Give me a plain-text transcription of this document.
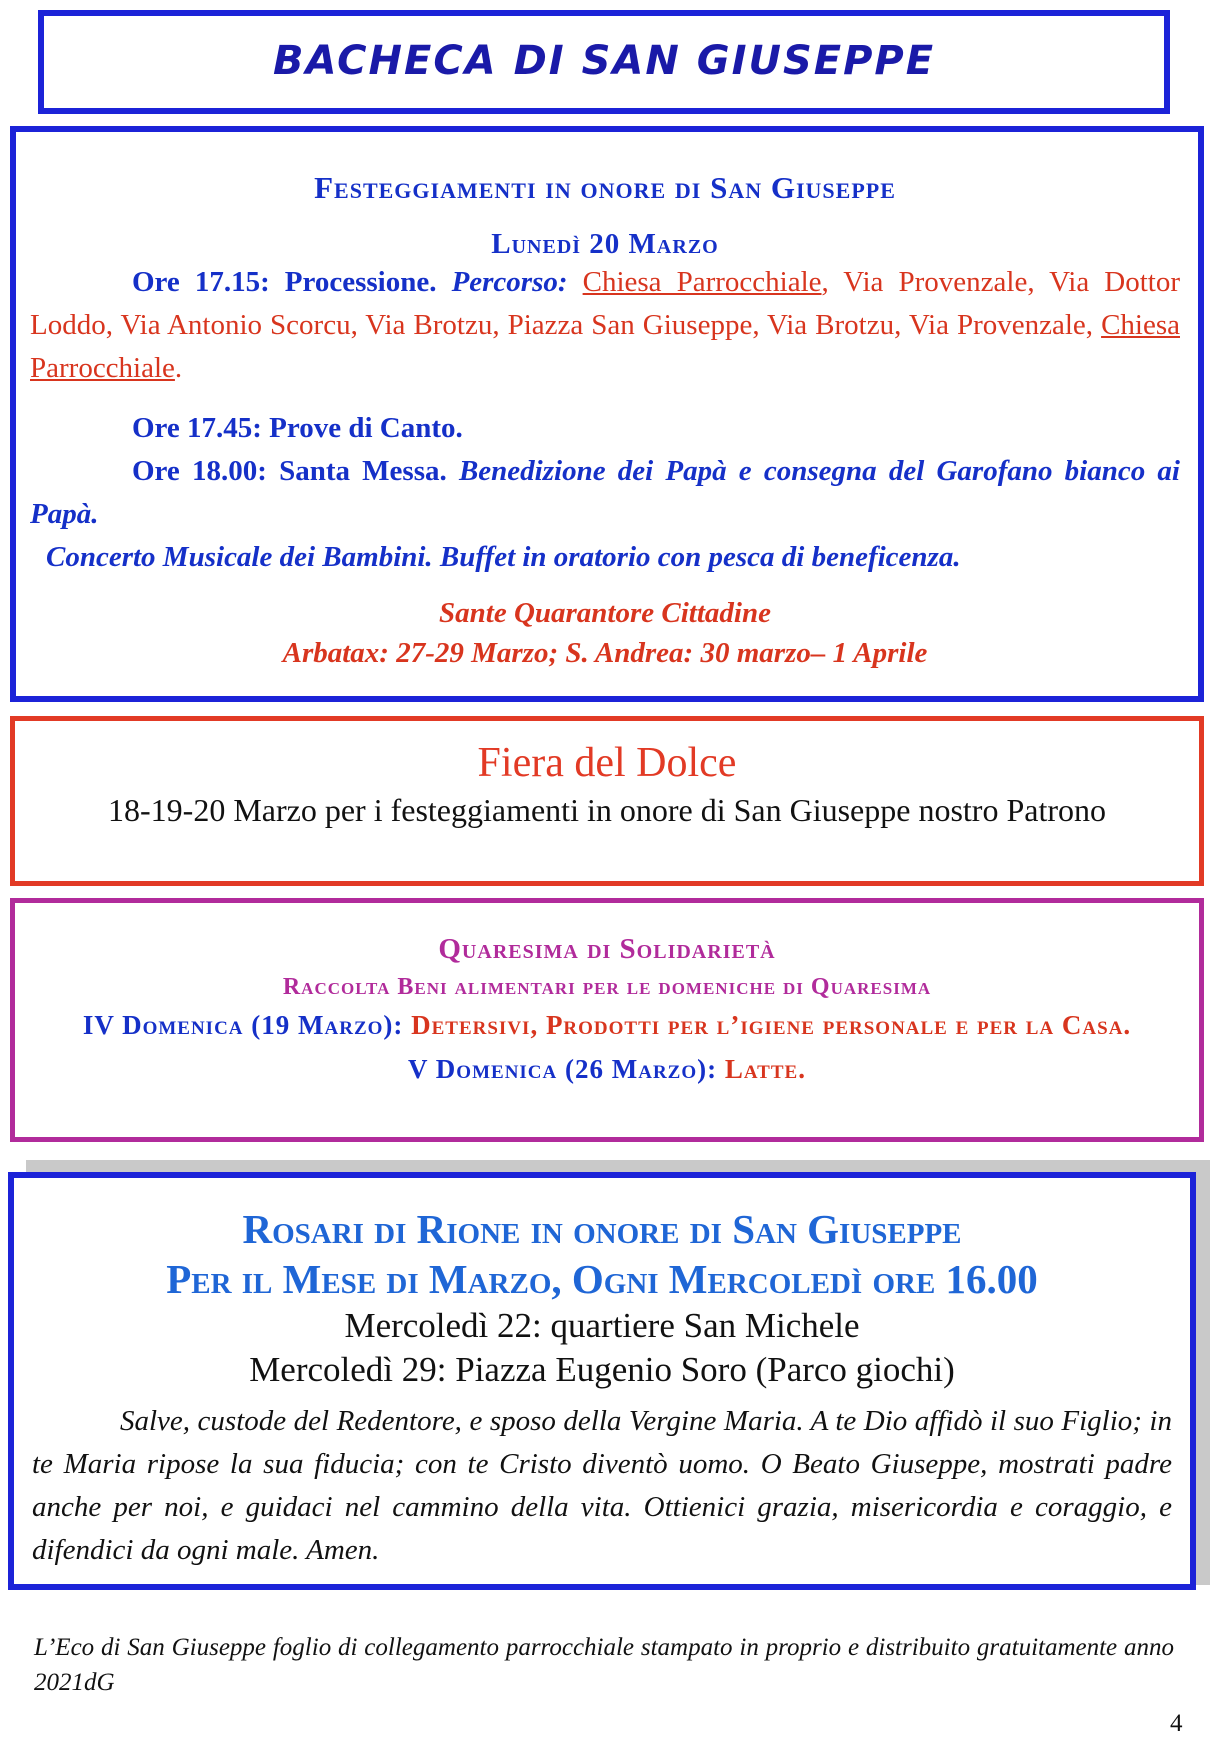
BACHECA DI SAN GIUSEPPE
Festeggiamenti in onore di San Giuseppe
Lunedì 20 Marzo
Ore 17.15: Processione. Percorso: Chiesa Parrocchiale, Via Provenzale, Via Dottor Loddo, Via Antonio Scorcu, Via Brotzu, Piazza San Giuseppe, Via Brotzu, Via Provenzale, Chiesa Parrocchiale.
Ore 17.45: Prove di Canto.
Ore 18.00: Santa Messa. Benedizione dei Papà e consegna del Garofano bianco ai Papà.
Concerto Musicale dei Bambini. Buffet in oratorio con pesca di beneficenza.
Sante Quarantore Cittadine
Arbatax: 27-29 Marzo; S. Andrea: 30 marzo– 1 Aprile
Fiera del Dolce
18-19-20 Marzo per i festeggiamenti in onore di San Giuseppe nostro Patrono
Quaresima di Solidarietà
Raccolta Beni alimentari per le domeniche di Quaresima
IV Domenica (19 Marzo): Detersivi, Prodotti per l’igiene personale e per la Casa.
V Domenica (26 Marzo): Latte.
Rosari di Rione in onore di San Giuseppe
Per il Mese di Marzo, Ogni Mercoledì ore 16.00
Mercoledì 22: quartiere San Michele
Mercoledì 29: Piazza Eugenio Soro (Parco giochi)
Salve, custode del Redentore, e sposo della Vergine Maria. A te Dio affidò il suo Figlio; in te Maria ripose la sua fiducia; con te Cristo diventò uomo. O Beato Giuseppe, mostrati padre anche per noi, e guidaci nel cammino della vita. Ottienici grazia, misericordia e coraggio, e difendici da ogni male. Amen.
L’Eco di San Giuseppe foglio di collegamento parrocchiale stampato in proprio e distribuito gratuitamente anno 2021dG
4
